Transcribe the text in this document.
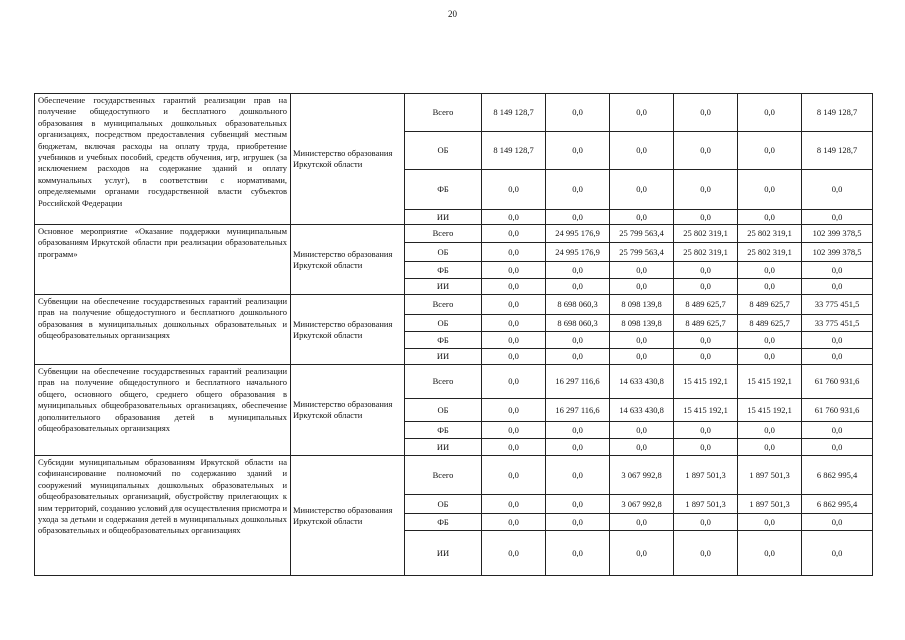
20
Обеспечение государственных гарантий реализации прав на получение общедоступного и бесплатного дошкольного образования в муниципальных дошкольных образовательных организациях, посредством предоставления субвенций местным бюджетам, включая расходы на оплату труда, приобретение учебников и учебных пособий, средств обучения, игр, игрушек (за исключением расходов на содержание зданий и оплату коммунальных услуг), в соответствии с нормативами, определяемыми органами государственной власти субъектов Российской Федерации	Министерство образования Иркутской области	Всего	8 149 128,7	0,0	0,0	0,0	0,0	8 149 128,7
		ОБ	8 149 128,7	0,0	0,0	0,0	0,0	8 149 128,7
		ФБ	0,0	0,0	0,0	0,0	0,0	0,0
		ИИ	0,0	0,0	0,0	0,0	0,0	0,0
Основное мероприятие «Оказание поддержки муниципальным образованиям Иркутской области при реализации образовательных программ»	Министерство образования Иркутской области	Всего	0,0	24 995 176,9	25 799 563,4	25 802 319,1	25 802 319,1	102 399 378,5
		ОБ	0,0	24 995 176,9	25 799 563,4	25 802 319,1	25 802 319,1	102 399 378,5
		ФБ	0,0	0,0	0,0	0,0	0,0	0,0
		ИИ	0,0	0,0	0,0	0,0	0,0	0,0
Субвенции на обеспечение государственных гарантий реализации прав на получение общедоступного и бесплатного дошкольного образования в муниципальных дошкольных образовательных и общеобразовательных организациях	Министерство образования Иркутской области	Всего	0,0	8 698 060,3	8 098 139,8	8 489 625,7	8 489 625,7	33 775 451,5
		ОБ	0,0	8 698 060,3	8 098 139,8	8 489 625,7	8 489 625,7	33 775 451,5
		ФБ	0,0	0,0	0,0	0,0	0,0	0,0
		ИИ	0,0	0,0	0,0	0,0	0,0	0,0
Субвенции на обеспечение государственных гарантий реализации прав на получение общедоступного и бесплатного начального общего, основного общего, среднего общего образования в муниципальных общеобразовательных организациях, обеспечение дополнительного образования детей в муниципальных общеобразовательных организациях	Министерство образования Иркутской области	Всего	0,0	16 297 116,6	14 633 430,8	15 415 192,1	15 415 192,1	61 760 931,6
		ОБ	0,0	16 297 116,6	14 633 430,8	15 415 192,1	15 415 192,1	61 760 931,6
		ФБ	0,0	0,0	0,0	0,0	0,0	0,0
		ИИ	0,0	0,0	0,0	0,0	0,0	0,0
Субсидии муниципальным образованиям Иркутской области на софинансирование полномочий по содержанию зданий и сооружений муниципальных дошкольных образовательных и общеобразовательных организаций, обустройству прилегающих к ним территорий, созданию условий для осуществления присмотра и ухода за детьми и содержания детей в муниципальных дошкольных образовательных и общеобразовательных организациях	Министерство образования Иркутской области	Всего	0,0	0,0	3 067 992,8	1 897 501,3	1 897 501,3	6 862 995,4
		ОБ	0,0	0,0	3 067 992,8	1 897 501,3	1 897 501,3	6 862 995,4
		ФБ	0,0	0,0	0,0	0,0	0,0	0,0
		ИИ	0,0	0,0	0,0	0,0	0,0	0,0
